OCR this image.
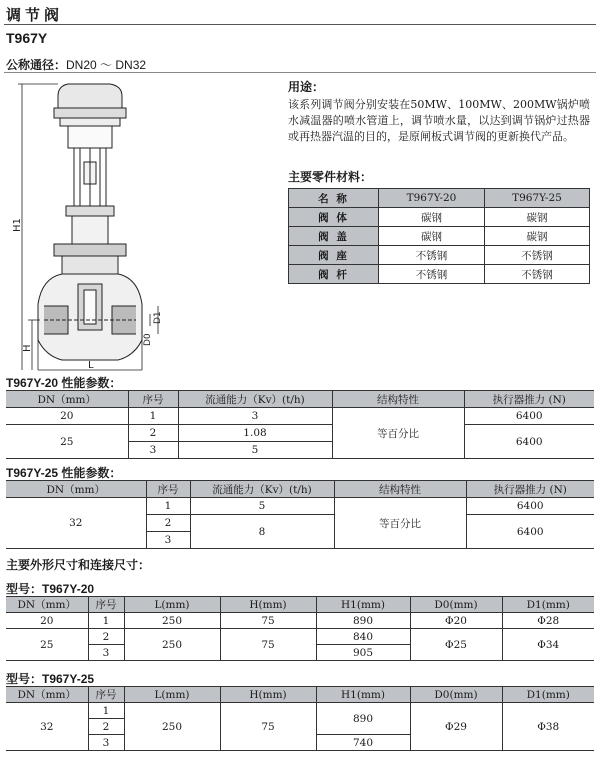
调节阀
T967Y
公称通径：DN20 ～ DN32
H1
H
D0
D1
L
用途：
该系列调节阀分别安装在50MW、100MW、200MW锅炉喷水减温器的喷水管道上，调节喷水量，以达到调节锅炉过热器或再热器汽温的目的，是原闸板式调节阀的更新换代产品。
主要零件材料：
名 称	T967Y-20	T967Y-25
阀 体	碳钢	碳钢
阀 盖	碳钢	碳钢
阀 座	不锈钢	不锈钢
阀 杆	不锈钢	不锈钢
T967Y-20 性能参数：
DN（mm）	序号	流通能力（Kv）(t/h)	结构特性	执行器推力 (N)
20	1	3	等百分比	6400
25	2	1.08		6400
	3	5		
T967Y-25 性能参数：
DN（mm）	序号	流通能力（Kv）(t/h)	结构特性	执行器推力 (N)
32	1	5	等百分比	6400
	2	8		6400
	3			
主要外形尺寸和连接尺寸：
型号：T967Y-20
DN（mm）	序号	L(mm)	H(mm)	H1(mm)	D0(mm)	D1(mm)
20	1	250	75	890	Φ20	Φ28
25	2	250	75	840	Φ25	Φ34
	3			905		
型号：T967Y-25
DN（mm）	序号	L(mm)	H(mm)	H1(mm)	D0(mm)	D1(mm)
32	1	250	75	890	Φ29	Φ38
	2					
	3			740		
